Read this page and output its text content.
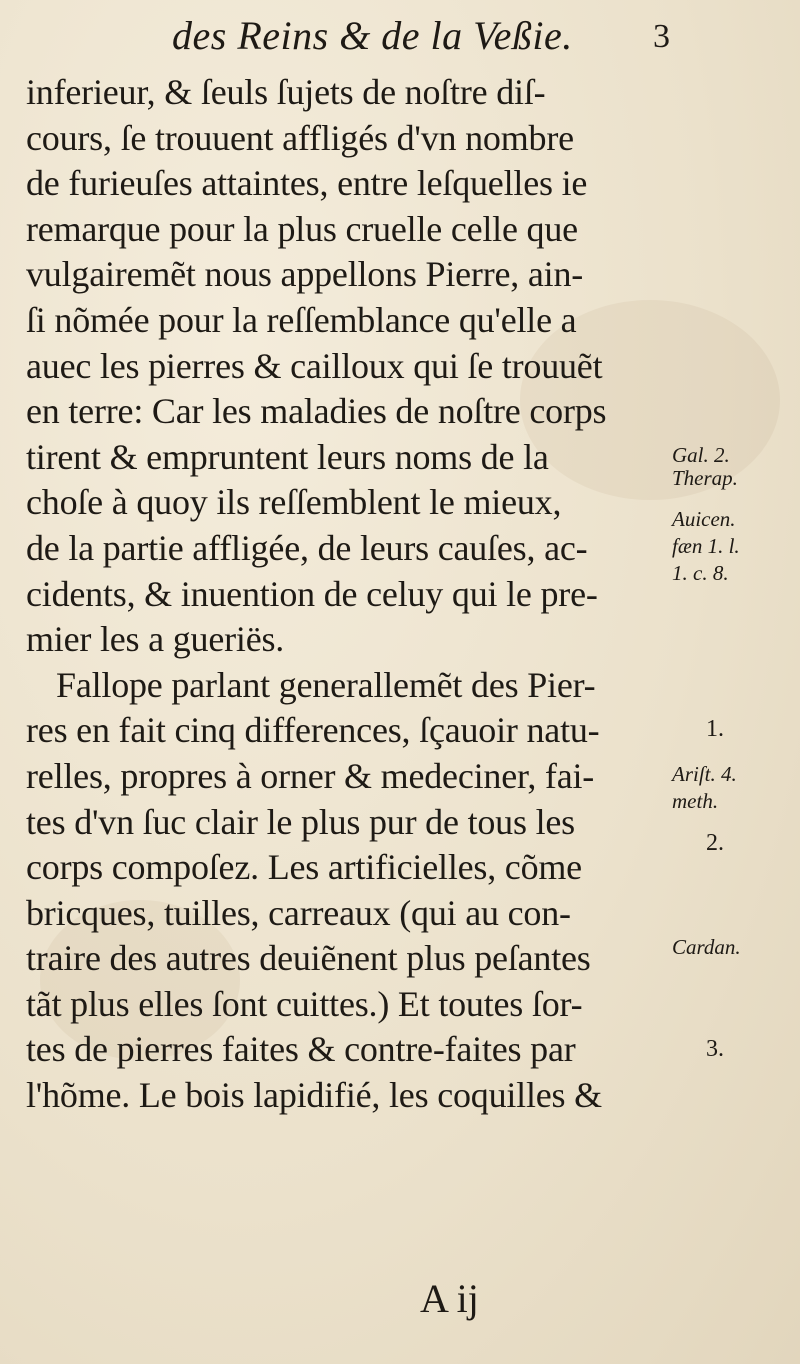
des Reins & de la Veßie. 3
inferieur, & ſeuls ſujets de noſtre diſ-
cours, ſe trouuent affligés d'vn nombre
de furieuſes attaintes, entre leſquelles ie
remarque pour la plus cruelle celle que
vulgairemẽt nous appellons Pierre, ain-
ſi nõmée pour la reſſemblance qu'elle a
auec les pierres & cailloux qui ſe trouuẽt
en terre: Car les maladies de noſtre corps
tirent & empruntent leurs noms de la
choſe à quoy ils reſſemblent le mieux,
de la partie affligée, de leurs cauſes, ac-
cidents, & inuention de celuy qui le pre-
mier les a gueriës.
Fallope parlant generallemẽt des Pier-
res en fait cinq differences, ſçauoir natu-
relles, propres à orner & medeciner, fai-
tes d'vn ſuc clair le plus pur de tous les
corps compoſez. Les artificielles, cõme
bricques, tuilles, carreaux (qui au con-
traire des autres deuiẽnent plus peſantes
tãt plus elles ſont cuittes.) Et toutes ſor-
tes de pierres faites & contre-faites par
l'hõme. Le bois lapidifié, les coquilles &
Gal. 2.
Therap.
Auicen.
fæn 1. l.
1. c. 8.
1.
Ariſt. 4.
meth.
2.
Cardan.
3.
A ij
